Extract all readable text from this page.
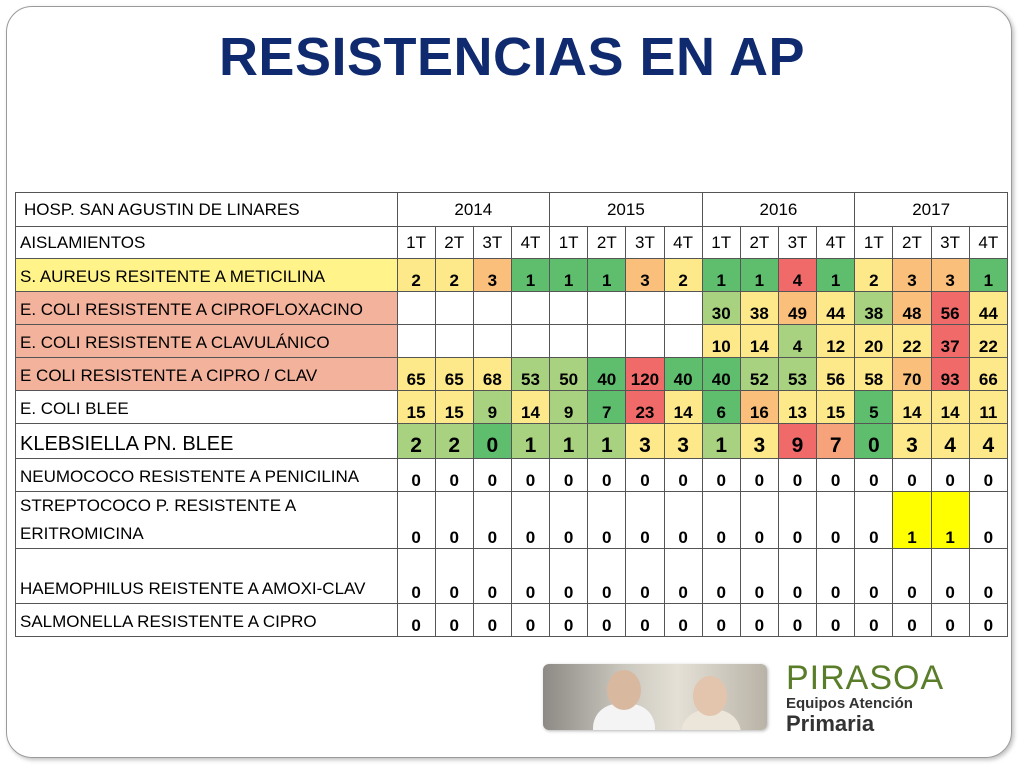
RESISTENCIAS EN AP
HOSP. SAN AGUSTIN DE LINARES	2014				2015				2016				2017			
AISLAMIENTOS	1T	2T	3T	4T	1T	2T	3T	4T	1T	2T	3T	4T	1T	2T	3T	4T
S. AUREUS RESITENTE A METICILINA	2	2	3	1	1	1	3	2	1	1	4	1	2	3	3	1
E. COLI RESISTENTE A CIPROFLOXACINO									30	38	49	44	38	48	56	44
E. COLI RESISTENTE A CLAVULÁNICO									10	14	4	12	20	22	37	22
E COLI RESISTENTE A CIPRO / CLAV	65	65	68	53	50	40	120	40	40	52	53	56	58	70	93	66
E. COLI BLEE	15	15	9	14	9	7	23	14	6	16	13	15	5	14	14	11
KLEBSIELLA PN. BLEE	2	2	0	1	1	1	3	3	1	3	9	7	0	3	4	4
NEUMOCOCO RESISTENTE A PENICILINA	0	0	0	0	0	0	0	0	0	0	0	0	0	0	0	0
STREPTOCOCO P. RESISTENTE A ERITROMICINA	0	0	0	0	0	0	0	0	0	0	0	0	0	1	1	0
HAEMOPHILUS REISTENTE A AMOXI-CLAV	0	0	0	0	0	0	0	0	0	0	0	0	0	0	0	0
SALMONELLA RESISTENTE A CIPRO	0	0	0	0	0	0	0	0	0	0	0	0	0	0	0	0
PIRASOA
Equipos Atención
Primaria
